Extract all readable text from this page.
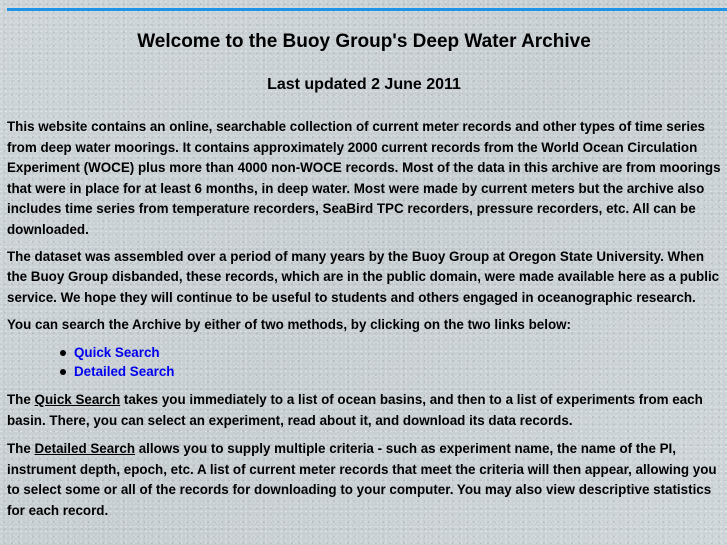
Welcome to the Buoy Group's Deep Water Archive
Last updated 2 June 2011

This website contains an online, searchable collection of current meter records and other types of time series from deep water moorings. It contains approximately 2000 current records from the World Ocean Circulation Experiment (WOCE) plus more than 4000 non-WOCE records. Most of the data in this archive are from moorings that were in place for at least 6 months, in deep water. Most were made by current meters but the archive also includes time series from temperature recorders, SeaBird TPC recorders, pressure recorders, etc. All can be downloaded.

The dataset was assembled over a period of many years by the Buoy Group at Oregon State University. When the Buoy Group disbanded, these records, which are in the public domain, were made available here as a public service. We hope they will continue to be useful to students and others engaged in oceanographic research.

You can search the Archive by either of two methods, by clicking on the two links below:

Quick Search
Detailed Search

The Quick Search takes you immediately to a list of ocean basins, and then to a list of experiments from each basin. There, you can select an experiment, read about it, and download its data records.

The Detailed Search allows you to supply multiple criteria - such as experiment name, the name of the PI, instrument depth, epoch, etc. A list of current meter records that meet the criteria will then appear, allowing you to select some or all of the records for downloading to your computer. You may also view descriptive statistics for each record.
